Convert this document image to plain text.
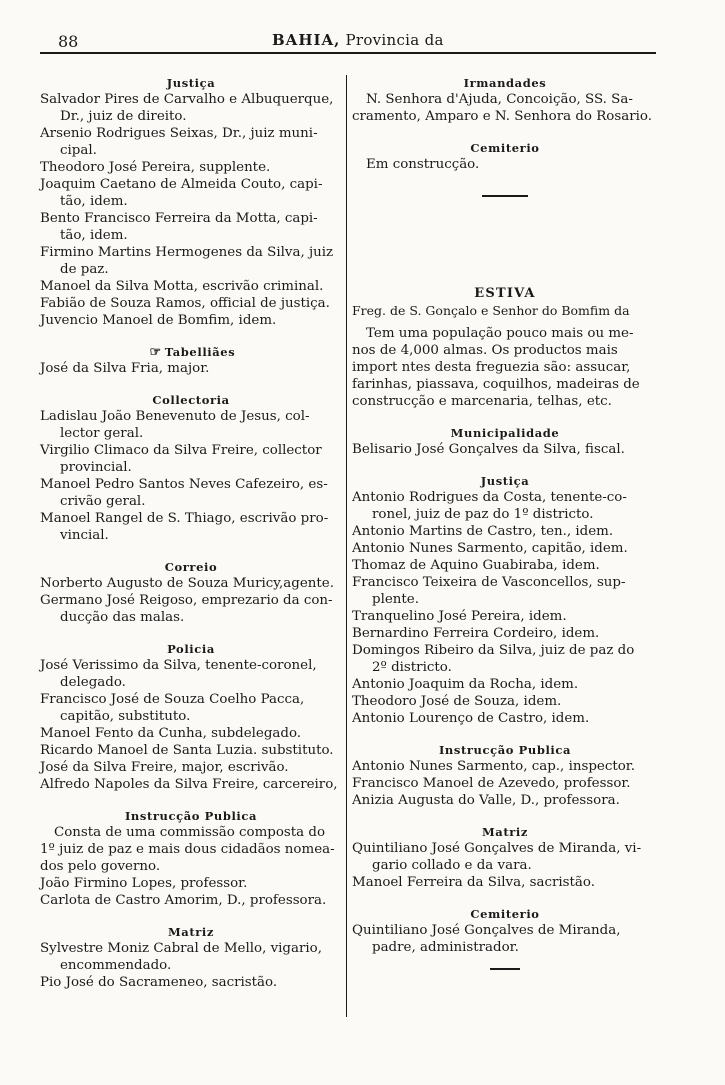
88	BAHIA, Provincia da
Justiça
Salvador Pires de Carvalho e Albuquerque,
Dr., juiz de direito.
Arsenio Rodrigues Seixas, Dr., juiz muni-
cipal.
Theodoro José Pereira, supplente.
Joaquim Caetano de Almeida Couto, capi-
tão, idem.
Bento Francisco Ferreira da Motta, capi-
tão, idem.
Firmino Martins Hermogenes da Silva, juiz
de paz.
Manoel da Silva Motta, escrivão criminal.
Fabião de Souza Ramos, official de justiça.
Juvencio Manoel de Bomfim, idem.
☞ Tabelliães
José da Silva Fria, major.
Collectoria
Ladislau João Benevenuto de Jesus, col-
lector geral.
Virgilio Climaco da Silva Freire, collector
provincial.
Manoel Pedro Santos Neves Cafezeiro, es-
crivão geral.
Manoel Rangel de S. Thiago, escrivão pro-
vincial.
Correio
Norberto Augusto de Souza Muricy,agente.
Germano José Reigoso, emprezario da con-
ducção das malas.
Policia
José Verissimo da Silva, tenente-coronel,
delegado.
Francisco José de Souza Coelho Pacca,
capitão, substituto.
Manoel Fento da Cunha, subdelegado.
Ricardo Manoel de Santa Luzia. substituto.
José da Silva Freire, major, escrivão.
Alfredo Napoles da Silva Freire, carcereiro,
Instrucção Publica
Consta de uma commissão composta do
1º juiz de paz e mais dous cidadãos nomea-
dos pelo governo.
João Firmino Lopes, professor.
Carlota de Castro Amorim, D., professora.
Matriz
Sylvestre Moniz Cabral de Mello, vigario,
encommendado.
Pio José do Sacrameneo, sacristão.
Irmandades
N. Senhora d'Ajuda, Concoição, SS. Sa-
cramento, Amparo e N. Senhora do Rosario.
Cemiterio
Em construcção.
ESTIVA
Freg. de S. Gonçalo e Senhor do Bomfim da
Tem uma população pouco mais ou me-
nos de 4,000 almas. Os productos mais
import ntes desta freguezia são: assucar,
farinhas, piassava, coquilhos, madeiras de
construcção e marcenaria, telhas, etc.
Municipalidade
Belisario José Gonçalves da Silva, fiscal.
Justiça
Antonio Rodrigues da Costa, tenente-co-
ronel, juiz de paz do 1º districto.
Antonio Martins de Castro, ten., idem.
Antonio Nunes Sarmento, capitão, idem.
Thomaz de Aquino Guabiraba, idem.
Francisco Teixeira de Vasconcellos, sup-
plente.
Tranquelino José Pereira, idem.
Bernardino Ferreira Cordeiro, idem.
Domingos Ribeiro da Silva, juiz de paz do
2º districto.
Antonio Joaquim da Rocha, idem.
Theodoro José de Souza, idem.
Antonio Lourenço de Castro, idem.
Instrucção Publica
Antonio Nunes Sarmento, cap., inspector.
Francisco Manoel de Azevedo, professor.
Anizia Augusta do Valle, D., professora.
Matriz
Quintiliano José Gonçalves de Miranda, vi-
gario collado e da vara.
Manoel Ferreira da Silva, sacristão.
Cemiterio
Quintiliano José Gonçalves de Miranda,
padre, administrador.
